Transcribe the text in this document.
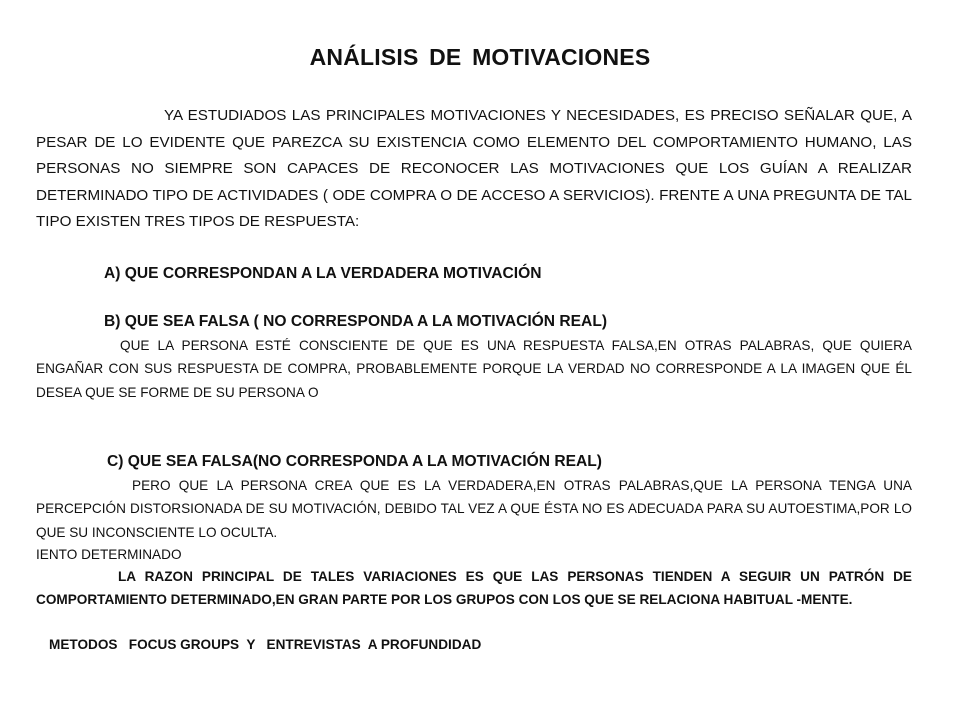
ANÁLISIS DE MOTIVACIONES
YA ESTUDIADOS LAS PRINCIPALES MOTIVACIONES Y NECESIDADES, ES PRECISO SEÑALAR QUE, A PESAR DE LO EVIDENTE QUE PAREZCA SU EXISTENCIA COMO ELEMENTO DEL COMPORTAMIENTO HUMANO, LAS PERSONAS NO SIEMPRE SON CAPACES DE RECONOCER LAS MOTIVACIONES QUE LOS GUÍAN A REALIZAR DETERMINADO TIPO DE ACTIVIDADES ( ODE COMPRA O DE ACCESO A SERVICIOS). FRENTE A UNA PREGUNTA DE TAL TIPO EXISTEN TRES TIPOS DE RESPUESTA:
A) QUE CORRESPONDAN A LA VERDADERA MOTIVACIÓN
B) QUE SEA FALSA ( NO CORRESPONDA A LA MOTIVACIÓN REAL)
QUE LA PERSONA ESTÉ CONSCIENTE DE QUE ES UNA RESPUESTA FALSA,EN OTRAS PALABRAS, QUE QUIERA ENGAÑAR CON SUS RESPUESTA DE COMPRA, PROBABLEMENTE PORQUE LA VERDAD NO CORRESPONDE A LA IMAGEN QUE ÉL DESEA QUE SE FORME DE SU PERSONA O
C) QUE SEA FALSA(NO CORRESPONDA A LA MOTIVACIÓN REAL)
PERO QUE LA PERSONA CREA QUE ES LA VERDADERA,EN OTRAS PALABRAS,QUE LA PERSONA TENGA UNA PERCEPCIÓN DISTORSIONADA DE SU MOTIVACIÓN, DEBIDO TAL VEZ A QUE ÉSTA NO ES ADECUADA PARA SU AUTOESTIMA,POR LO QUE SU INCONSCIENTE LO OCULTA.
IENTO DETERMINADO
LA RAZON PRINCIPAL DE TALES VARIACIONES ES QUE LAS PERSONAS TIENDEN A SEGUIR UN PATRÓN DE COMPORTAMIENTO DETERMINADO,EN GRAN PARTE POR LOS GRUPOS CON LOS QUE SE RELACIONA HABITUAL -MENTE.
METODOS   FOCUS GROUPS  Y   ENTREVISTAS  A PROFUNDIDAD
